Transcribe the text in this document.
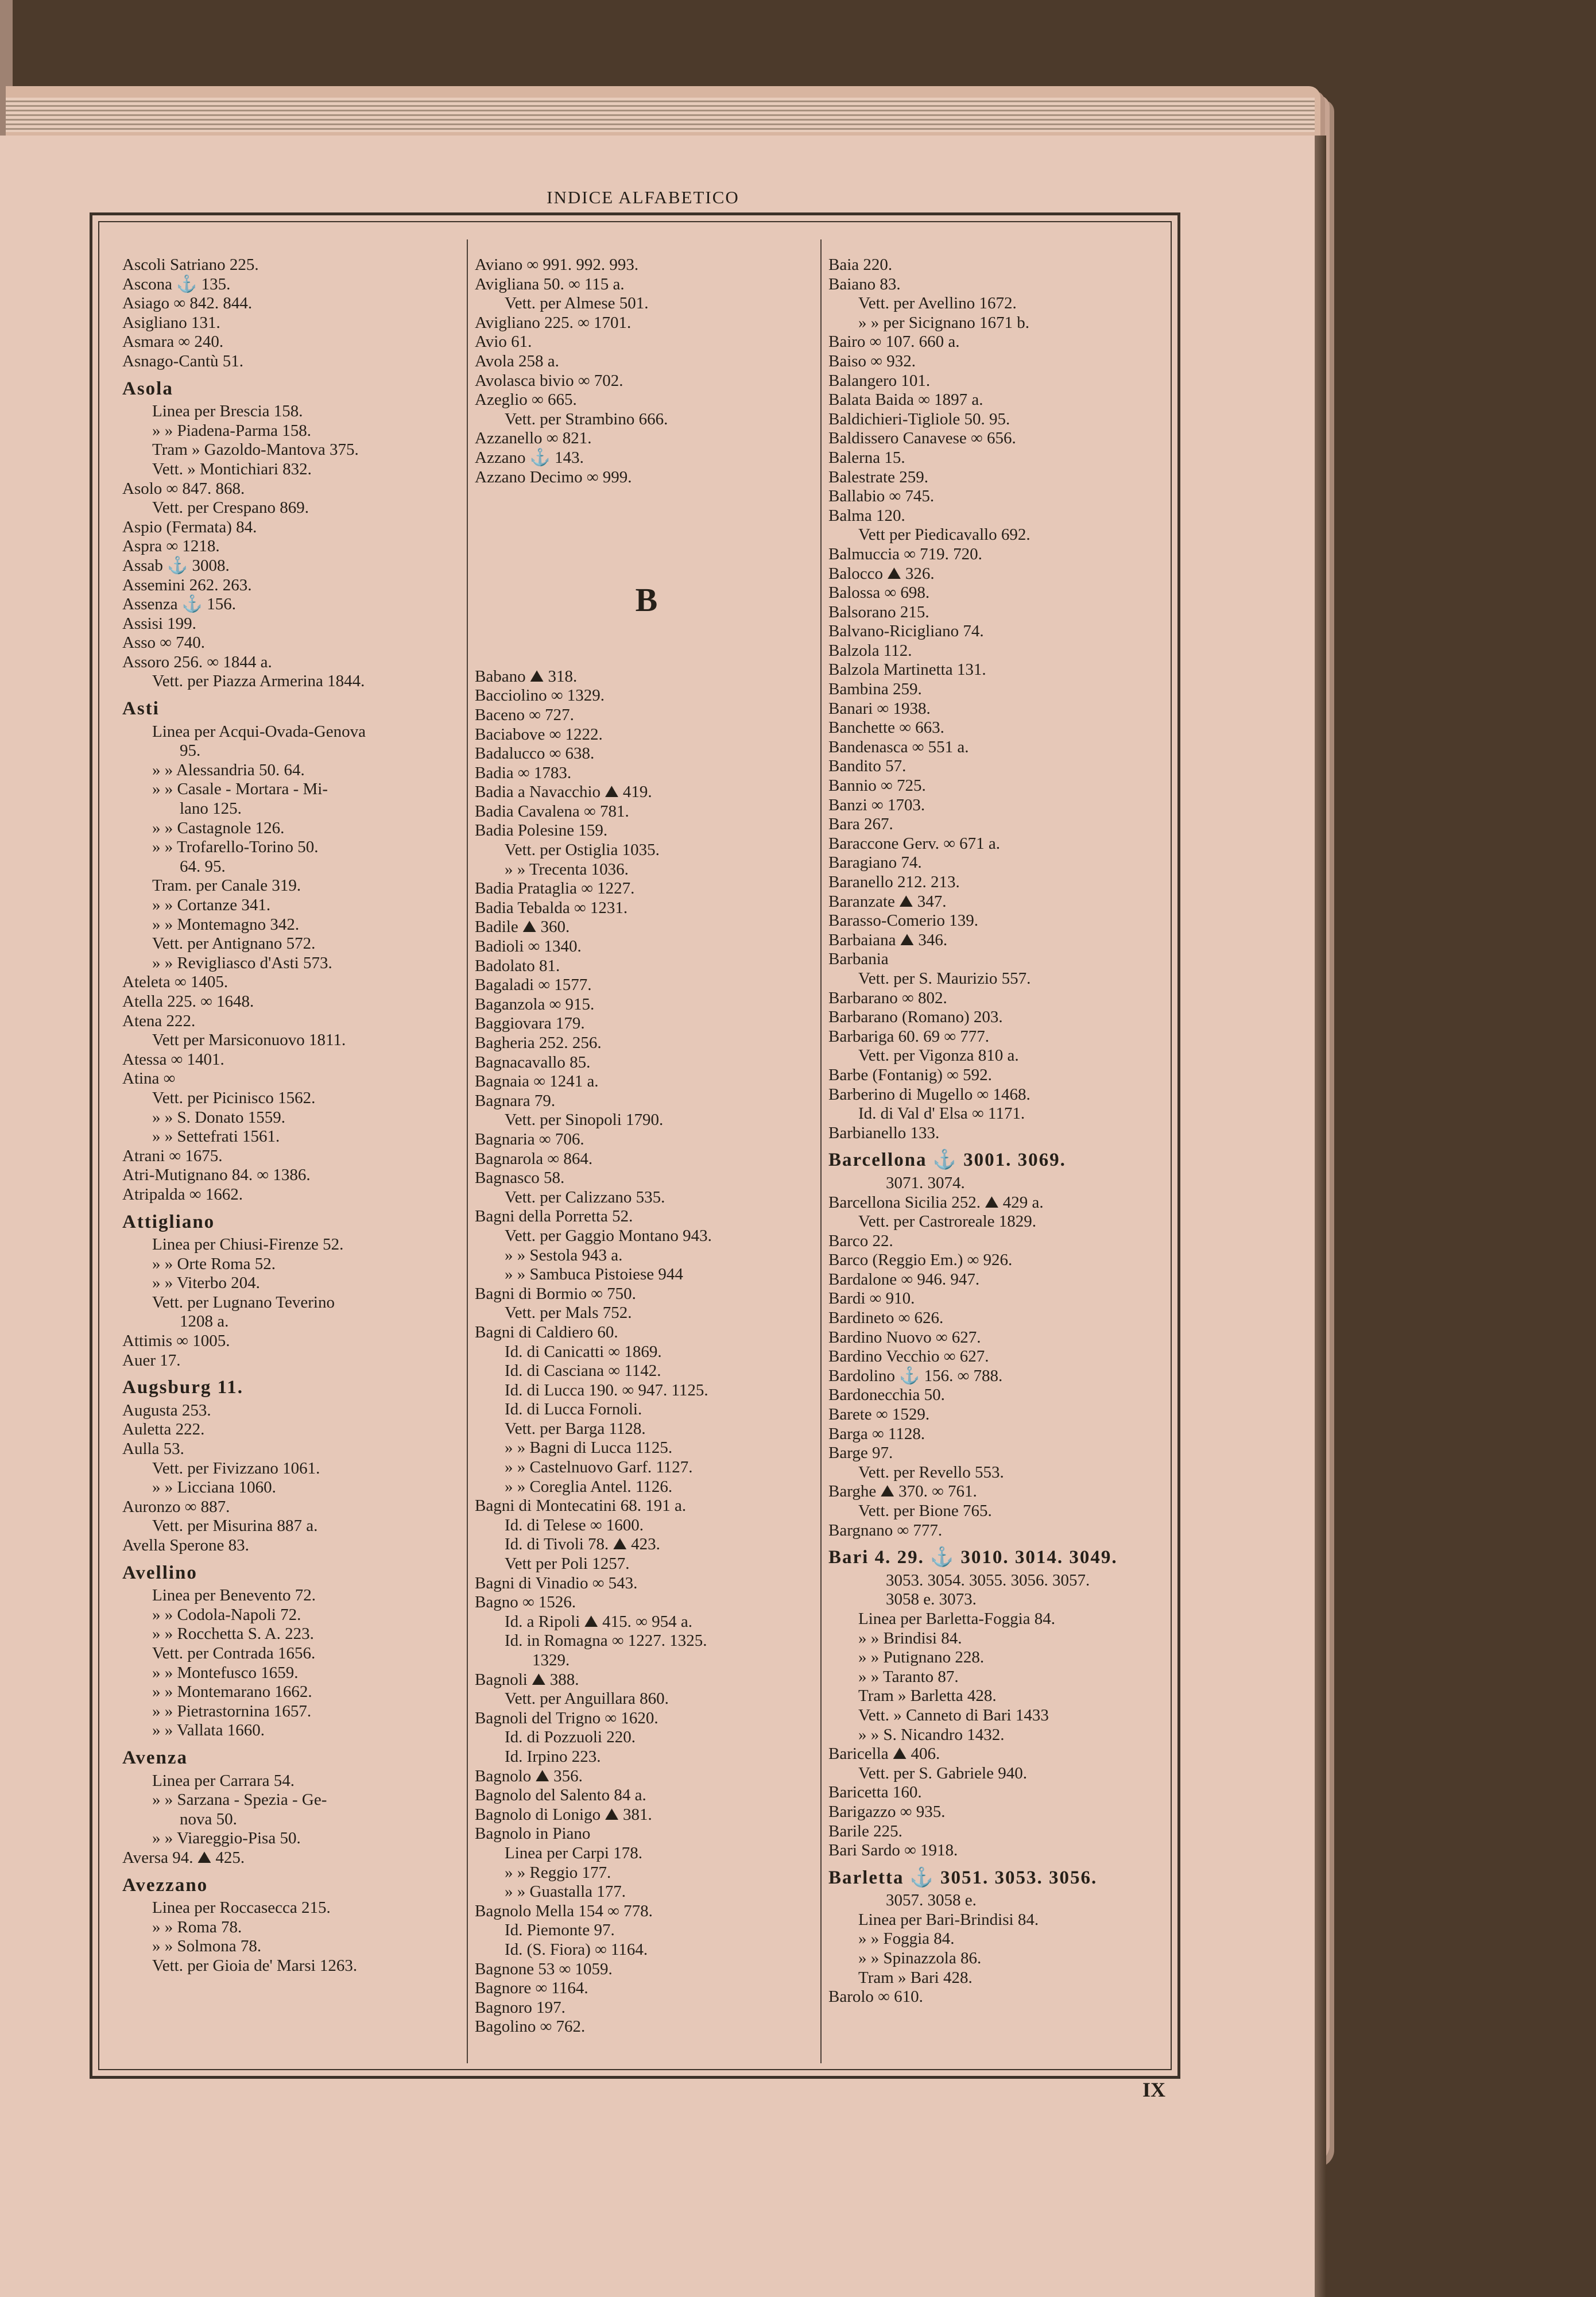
INDICE ALFABETICO
Ascoli Satriano 225.
Ascona ⚓ 135.
Asiago ∞ 842. 844.
Asigliano 131.
Asmara ∞ 240.
Asnago-Cantù 51.
Asola
Linea per Brescia 158.
» » Piadena-Parma 158.
Tram » Gazoldo-Mantova 375.
Vett. » Montichiari 832.
Asolo ∞ 847. 868.
Vett. per Crespano 869.
Aspio (Fermata) 84.
Aspra ∞ 1218.
Assab ⚓ 3008.
Assemini 262. 263.
Assenza ⚓ 156.
Assisi 199.
Asso ∞ 740.
Assoro 256. ∞ 1844 a.
Vett. per Piazza Armerina 1844.
Asti
Linea per Acqui-Ovada-Genova
95.
» » Alessandria 50. 64.
» » Casale - Mortara - Mi-
lano 125.
» » Castagnole 126.
» » Trofarello-Torino 50.
64. 95.
Tram. per Canale 319.
» » Cortanze 341.
» » Montemagno 342.
Vett. per Antignano 572.
» » Revigliasco d'Asti 573.
Ateleta ∞ 1405.
Atella 225. ∞ 1648.
Atena 222.
Vett per Marsiconuovo 1811.
Atessa ∞ 1401.
Atina ∞
Vett. per Picinisco 1562.
» » S. Donato 1559.
» » Settefrati 1561.
Atrani ∞ 1675.
Atri-Mutignano 84. ∞ 1386.
Atripalda ∞ 1662.
Attigliano
Linea per Chiusi-Firenze 52.
» » Orte Roma 52.
» » Viterbo 204.
Vett. per Lugnano Teverino
1208 a.
Attimis ∞ 1005.
Auer 17.
Augsburg 11.
Augusta 253.
Auletta 222.
Aulla 53.
Vett. per Fivizzano 1061.
» » Licciana 1060.
Auronzo ∞ 887.
Vett. per Misurina 887 a.
Avella Sperone 83.
Avellino
Linea per Benevento 72.
» » Codola-Napoli 72.
» » Rocchetta S. A. 223.
Vett. per Contrada 1656.
» » Montefusco 1659.
» » Montemarano 1662.
» » Pietrastornina 1657.
» » Vallata 1660.
Avenza
Linea per Carrara 54.
» » Sarzana - Spezia - Ge-
nova 50.
» » Viareggio-Pisa 50.
Aversa 94. ⛰ 425.
Avezzano
Linea per Roccasecca 215.
» » Roma 78.
» » Solmona 78.
Vett. per Gioia de' Marsi 1263.
Aviano ∞ 991. 992. 993.
Avigliana 50. ∞ 115 a.
Vett. per Almese 501.
Avigliano 225. ∞ 1701.
Avio 61.
Avola 258 a.
Avolasca bivio ∞ 702.
Azeglio ∞ 665.
Vett. per Strambino 666.
Azzanello ∞ 821.
Azzano ⚓ 143.
Azzano Decimo ∞ 999.
B
Babano ⛰ 318.
Bacciolino ∞ 1329.
Baceno ∞ 727.
Baciabove ∞ 1222.
Badalucco ∞ 638.
Badia ∞ 1783.
Badia a Navacchio ⛰ 419.
Badia Cavalena ∞ 781.
Badia Polesine 159.
Vett. per Ostiglia 1035.
» » Trecenta 1036.
Badia Prataglia ∞ 1227.
Badia Tebalda ∞ 1231.
Badile ⛰ 360.
Badioli ∞ 1340.
Badolato 81.
Bagaladi ∞ 1577.
Baganzola ∞ 915.
Baggiovara 179.
Bagheria 252. 256.
Bagnacavallo 85.
Bagnaia ∞ 1241 a.
Bagnara 79.
Vett. per Sinopoli 1790.
Bagnaria ∞ 706.
Bagnarola ∞ 864.
Bagnasco 58.
Vett. per Calizzano 535.
Bagni della Porretta 52.
Vett. per Gaggio Montano 943.
» » Sestola 943 a.
» » Sambuca Pistoiese 944
Bagni di Bormio ∞ 750.
Vett. per Mals 752.
Bagni di Caldiero 60.
Id. di Canicatti ∞ 1869.
Id. di Casciana ∞ 1142.
Id. di Lucca 190. ∞ 947. 1125.
Id. di Lucca Fornoli.
Vett. per Barga 1128.
» » Bagni di Lucca 1125.
» » Castelnuovo Garf. 1127.
» » Coreglia Antel. 1126.
Bagni di Montecatini 68. 191 a.
Id. di Telese ∞ 1600.
Id. di Tivoli 78. ⛰ 423.
Vett per Poli 1257.
Bagni di Vinadio ∞ 543.
Bagno ∞ 1526.
Id. a Ripoli ⛰ 415. ∞ 954 a.
Id. in Romagna ∞ 1227. 1325.
1329.
Bagnoli ⛰ 388.
Vett. per Anguillara 860.
Bagnoli del Trigno ∞ 1620.
Id. di Pozzuoli 220.
Id. Irpino 223.
Bagnolo ⛰ 356.
Bagnolo del Salento 84 a.
Bagnolo di Lonigo ⛰ 381.
Bagnolo in Piano
Linea per Carpi 178.
» » Reggio 177.
» » Guastalla 177.
Bagnolo Mella 154 ∞ 778.
Id. Piemonte 97.
Id. (S. Fiora) ∞ 1164.
Bagnone 53 ∞ 1059.
Bagnore ∞ 1164.
Bagnoro 197.
Bagolino ∞ 762.
Baia 220.
Baiano 83.
Vett. per Avellino 1672.
» » per Sicignano 1671 b.
Bairo ∞ 107. 660 a.
Baiso ∞ 932.
Balangero 101.
Balata Baida ∞ 1897 a.
Baldichieri-Tigliole 50. 95.
Baldissero Canavese ∞ 656.
Balerna 15.
Balestrate 259.
Ballabio ∞ 745.
Balma 120.
Vett per Piedicavallo 692.
Balmuccia ∞ 719. 720.
Balocco ⛰ 326.
Balossa ∞ 698.
Balsorano 215.
Balvano-Ricigliano 74.
Balzola 112.
Balzola Martinetta 131.
Bambina 259.
Banari ∞ 1938.
Banchette ∞ 663.
Bandenasca ∞ 551 a.
Bandito 57.
Bannio ∞ 725.
Banzi ∞ 1703.
Bara 267.
Baraccone Gerv. ∞ 671 a.
Baragiano 74.
Baranello 212. 213.
Baranzate ⛰ 347.
Barasso-Comerio 139.
Barbaiana ⛰ 346.
Barbania
Vett. per S. Maurizio 557.
Barbarano ∞ 802.
Barbarano (Romano) 203.
Barbariga 60. 69 ∞ 777.
Vett. per Vigonza 810 a.
Barbe (Fontanig) ∞ 592.
Barberino di Mugello ∞ 1468.
Id. di Val d' Elsa ∞ 1171.
Barbianello 133.
Barcellona ⚓ 3001. 3069.
3071. 3074.
Barcellona Sicilia 252. ⛰ 429 a.
Vett. per Castroreale 1829.
Barco 22.
Barco (Reggio Em.) ∞ 926.
Bardalone ∞ 946. 947.
Bardi ∞ 910.
Bardineto ∞ 626.
Bardino Nuovo ∞ 627.
Bardino Vecchio ∞ 627.
Bardolino ⚓ 156. ∞ 788.
Bardonecchia 50.
Barete ∞ 1529.
Barga ∞ 1128.
Barge 97.
Vett. per Revello 553.
Barghe ⛰ 370. ∞ 761.
Vett. per Bione 765.
Bargnano ∞ 777.
Bari 4. 29. ⚓ 3010. 3014. 3049.
3053. 3054. 3055. 3056. 3057.
3058 e. 3073.
Linea per Barletta-Foggia 84.
» » Brindisi 84.
» » Putignano 228.
» » Taranto 87.
Tram » Barletta 428.
Vett. » Canneto di Bari 1433
» » S. Nicandro 1432.
Baricella ⛰ 406.
Vett. per S. Gabriele 940.
Baricetta 160.
Barigazzo ∞ 935.
Barile 225.
Bari Sardo ∞ 1918.
Barletta ⚓ 3051. 3053. 3056.
3057. 3058 e.
Linea per Bari-Brindisi 84.
» » Foggia 84.
» » Spinazzola 86.
Tram » Bari 428.
Barolo ∞ 610.
IX
